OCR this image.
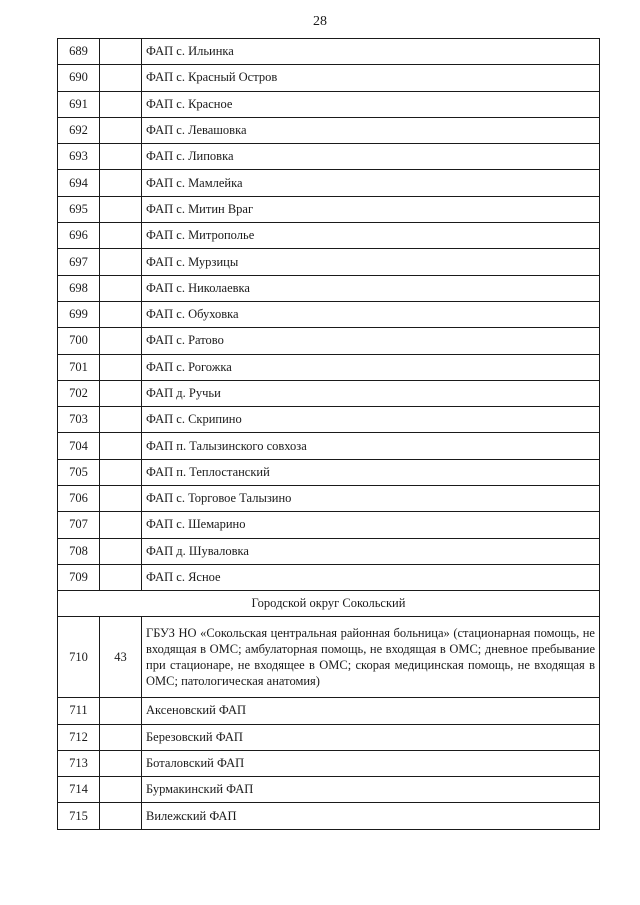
28
689		ФАП с. Ильинка
690		ФАП с. Красный Остров
691		ФАП с. Красное
692		ФАП с. Левашовка
693		ФАП с. Липовка
694		ФАП с. Мамлейка
695		ФАП с. Митин Враг
696		ФАП с. Митрополье
697		ФАП с. Мурзицы
698		ФАП с. Николаевка
699		ФАП с. Обуховка
700		ФАП с. Ратово
701		ФАП с. Рогожка
702		ФАП д. Ручьи
703		ФАП с. Скрипино
704		ФАП п. Талызинского совхоза
705		ФАП п. Теплостанский
706		ФАП с. Торговое Талызино
707		ФАП с. Шемарино
708		ФАП д. Шуваловка
709		ФАП с. Ясное
Городской округ Сокольский		
710	43	ГБУЗ НО «Сокольская центральная районная больница» (стационарная помощь, не входящая в ОМС; амбулаторная помощь, не входящая в ОМС; дневное пребывание при стационаре, не входящее в ОМС; скорая медицинская помощь, не входящая в ОМС; патологическая анатомия)
711		Аксеновский ФАП
712		Березовский ФАП
713		Боталовский ФАП
714		Бурмакинский ФАП
715		Вилежский ФАП
